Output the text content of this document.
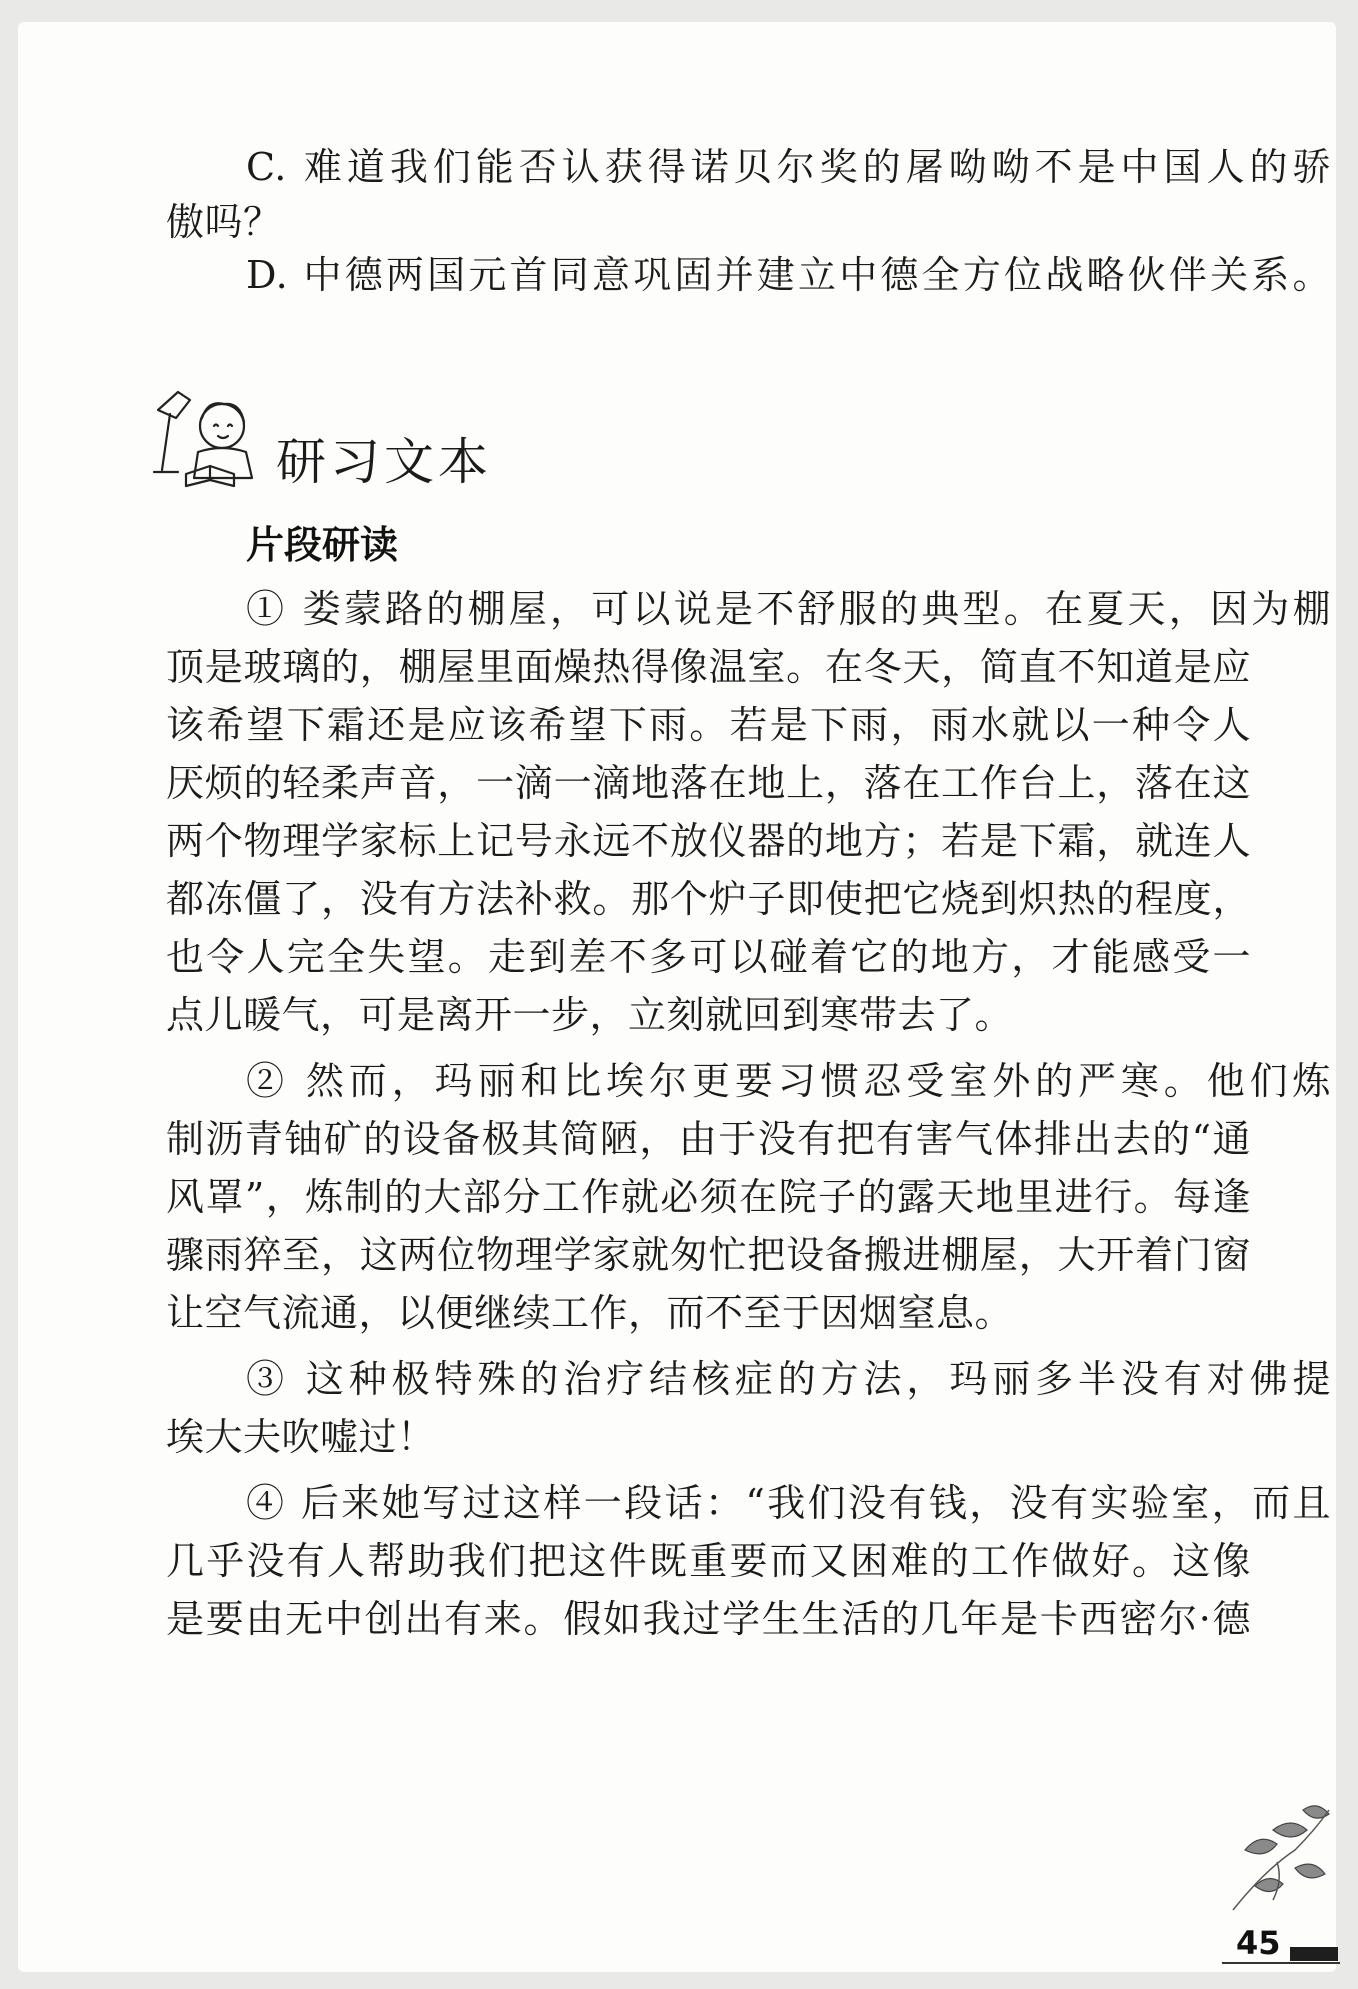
C. 难道我们能否认获得诺贝尔奖的屠呦呦不是中国人的骄
傲吗？
D. 中德两国元首同意巩固并建立中德全方位战略伙伴关系。
研习文本
片段研读
① 娄蒙路的棚屋，可以说是不舒服的典型。在夏天，因为棚
顶是玻璃的，棚屋里面燥热得像温室。在冬天，简直不知道是应
该希望下霜还是应该希望下雨。若是下雨，雨水就以一种令人
厌烦的轻柔声音，一滴一滴地落在地上，落在工作台上，落在这
两个物理学家标上记号永远不放仪器的地方；若是下霜，就连人
都冻僵了，没有方法补救。那个炉子即使把它烧到炽热的程度，
也令人完全失望。走到差不多可以碰着它的地方，才能感受一
点儿暖气，可是离开一步，立刻就回到寒带去了。
② 然而，玛丽和比埃尔更要习惯忍受室外的严寒。他们炼
制沥青铀矿的设备极其简陋，由于没有把有害气体排出去的“通
风罩”，炼制的大部分工作就必须在院子的露天地里进行。每逢
骤雨猝至，这两位物理学家就匆忙把设备搬进棚屋，大开着门窗
让空气流通，以便继续工作，而不至于因烟窒息。
③ 这种极特殊的治疗结核症的方法，玛丽多半没有对佛提
埃大夫吹嘘过！
④ 后来她写过这样一段话：“我们没有钱，没有实验室，而且
几乎没有人帮助我们把这件既重要而又困难的工作做好。这像
是要由无中创出有来。假如我过学生生活的几年是卡西密尔·德
45
